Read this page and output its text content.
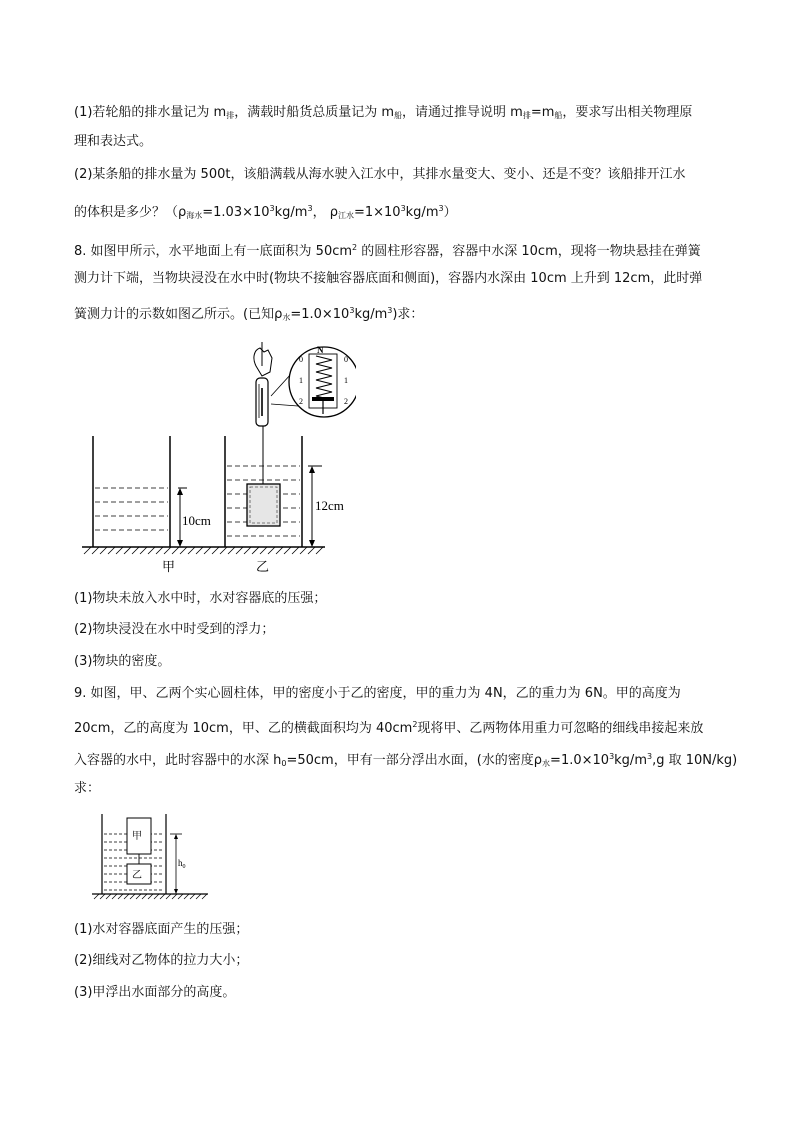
(1)若轮船的排水量记为 $m_排$，满载时船货总质量记为 $m_船$，请通过推导说明 $m_排=m_船$，要求写出相关物理原
理和表达式。
(2)某条船的排水量为 500t，该船满载从海水驶入江水中，其排水量变大、变小、还是不变？该船排开江水
的体积是多少？（$\rho_{海水}=1.03\times 10^3kg/m^3$， $\rho_{江水}=1\times 10^3kg/m^3$）
8. 如图甲所示，水平地面上有一底面积为 $50cm^2$ 的圆柱形容器，容器中水深 10cm，现将一物块悬挂在弹簧
测力计下端，当物块浸没在水中时(物块不接触容器底面和侧面)，容器内水深由 10cm 上升到 12cm，此时弹
簧测力计的示数如图乙所示。(已知$\rho_水=1.0\times 10^3kg/m^3$)求：
10cm
12cm
N
0
1
2
0
1
2
甲	乙
(1)物块未放入水中时，水对容器底的压强；
(2)物块浸没在水中时受到的浮力；
(3)物块的密度。
9. 如图，甲、乙两个实心圆柱体，甲的密度小于乙的密度，甲的重力为 4N，乙的重力为 6N。甲的高度为
20cm，乙的高度为 10cm，甲、乙的横截面积均为 $40cm^2$现将甲、乙两物体用重力可忽略的细线串接起来放
入容器的水中，此时容器中的水深 $h_0=50cm$，甲有一部分浮出水面，(水的密度$\rho_水=1.0\times 10^3kg/m^3,g$ 取 10N/kg)
求：
甲
乙
$h_0$
(1)水对容器底面产生的压强；
(2)细线对乙物体的拉力大小；
(3)甲浮出水面部分的高度。
